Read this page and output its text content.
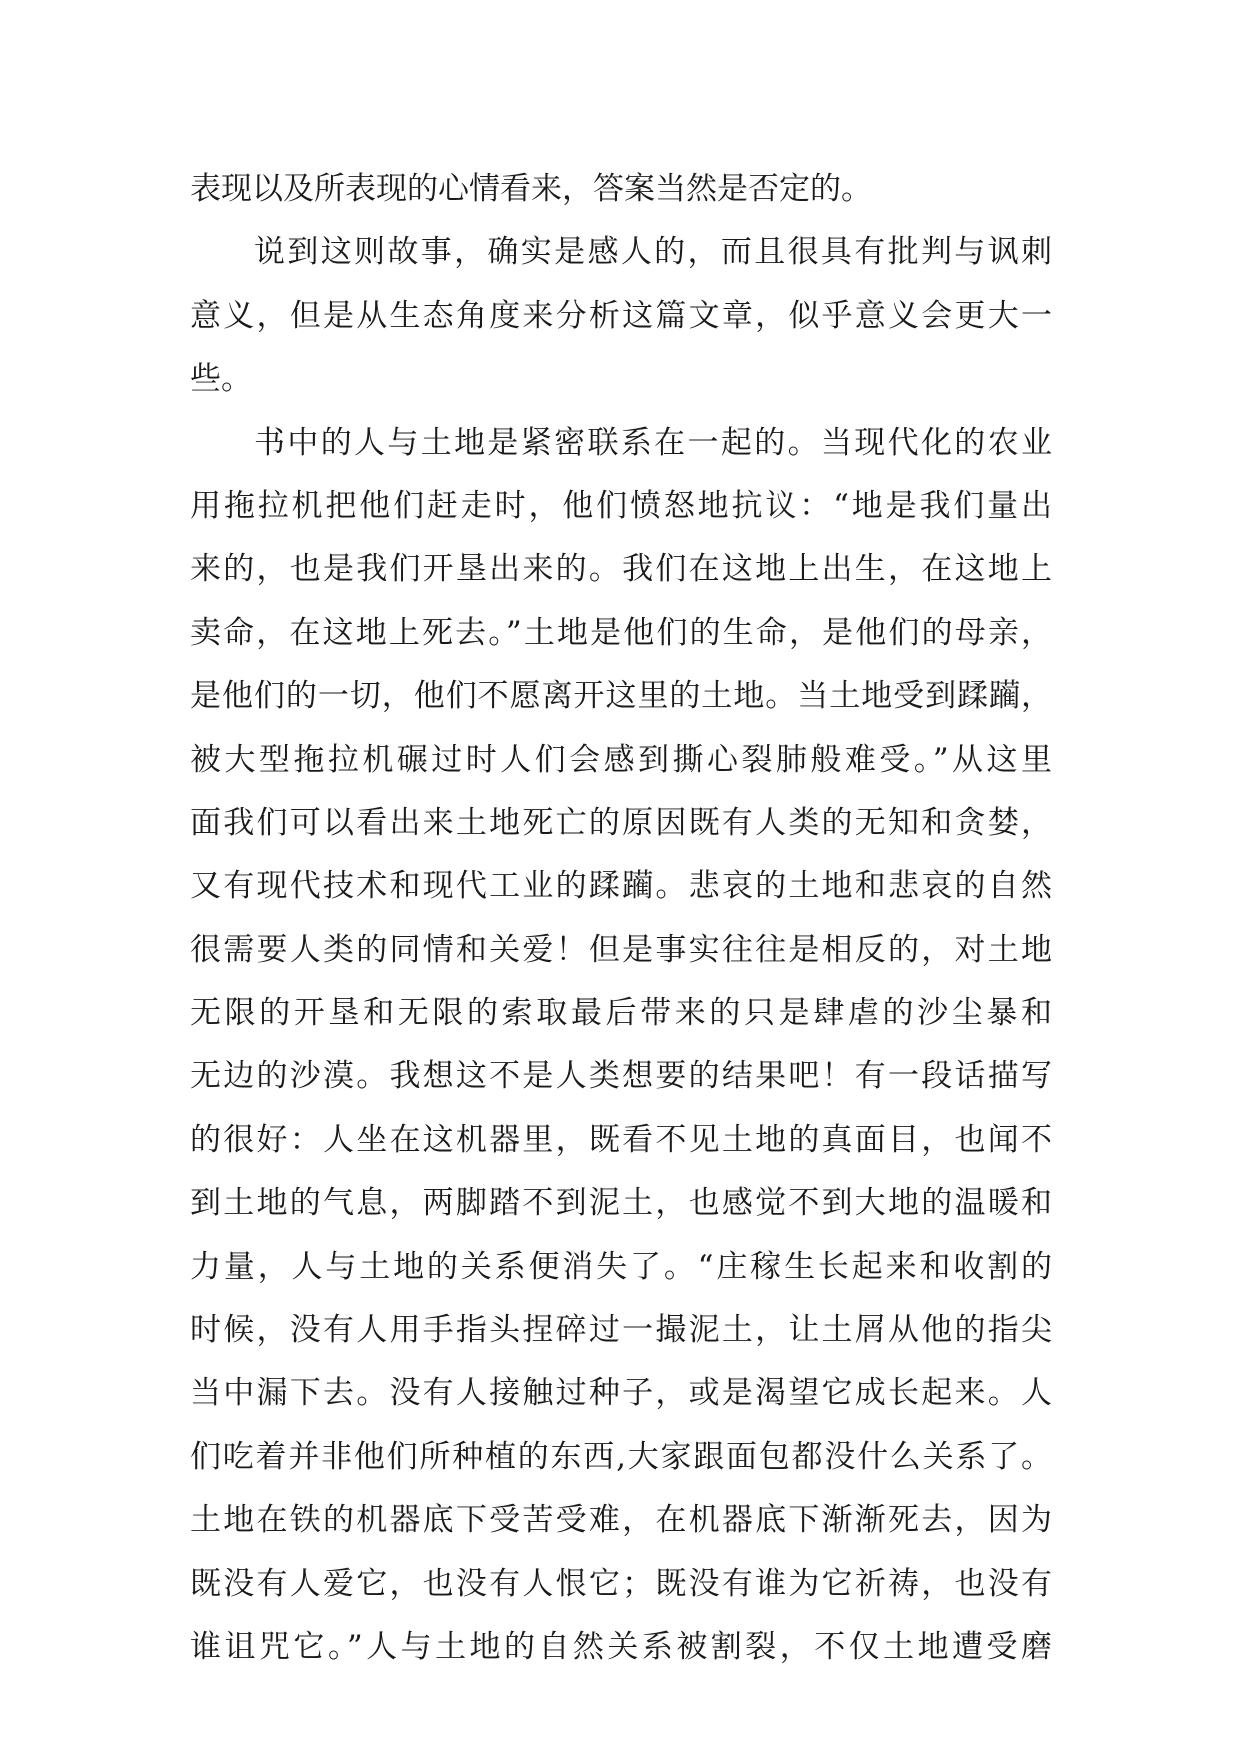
表现以及所表现的心情看来，答案当然是否定的。
说到这则故事，确实是感人的，而且很具有批判与讽刺
意义，但是从生态角度来分析这篇文章，似乎意义会更大一
些。
书中的人与土地是紧密联系在一起的。当现代化的农业
用拖拉机把他们赶走时，他们愤怒地抗议：“地是我们量出
来的，也是我们开垦出来的。我们在这地上出生，在这地上
卖命，在这地上死去。”土地是他们的生命，是他们的母亲，
是他们的一切，他们不愿离开这里的土地。当土地受到蹂躏，
被大型拖拉机碾过时人们会感到撕心裂肺般难受。”从这里
面我们可以看出来土地死亡的原因既有人类的无知和贪婪，
又有现代技术和现代工业的蹂躏。悲哀的土地和悲哀的自然
很需要人类的同情和关爱！但是事实往往是相反的，对土地
无限的开垦和无限的索取最后带来的只是肆虐的沙尘暴和
无边的沙漠。我想这不是人类想要的结果吧！有一段话描写
的很好：人坐在这机器里，既看不见土地的真面目，也闻不
到土地的气息，两脚踏不到泥土，也感觉不到大地的温暖和
力量，人与土地的关系便消失了。“庄稼生长起来和收割的
时候，没有人用手指头捏碎过一撮泥土，让土屑从他的指尖
当中漏下去。没有人接触过种子，或是渴望它成长起来。人
们吃着并非他们所种植的东西,大家跟面包都没什么关系了。
土地在铁的机器底下受苦受难，在机器底下渐渐死去，因为
既没有人爱它，也没有人恨它；既没有谁为它祈祷，也没有
谁诅咒它。”人与土地的自然关系被割裂，不仅土地遭受磨
